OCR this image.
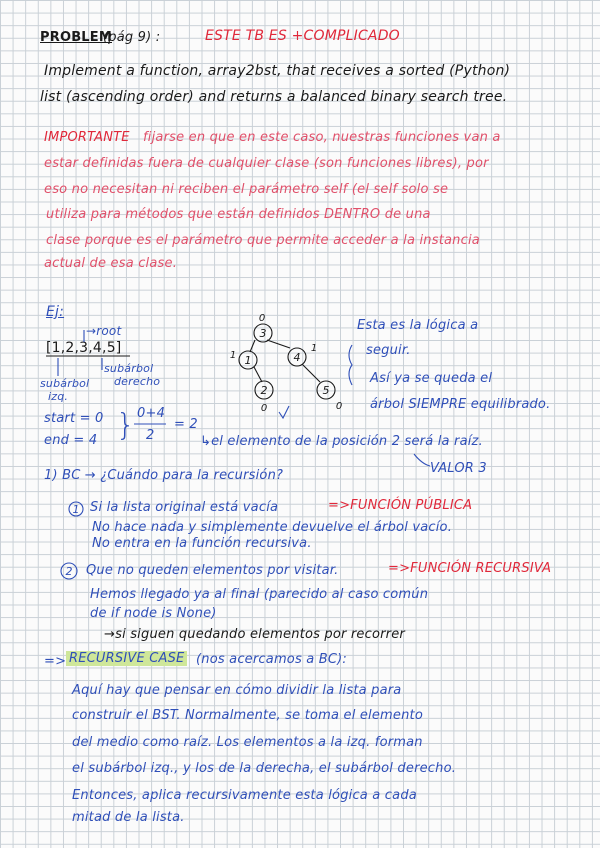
PROBLEM
(pág 9) :	ESTE TB ES +COMPLICADO
Implement a function, array2bst, that receives a sorted (Python)
list (ascending order) and returns a balanced binary search tree.
IMPORTANTE fijarse en que en este caso, nuestras funciones van a
estar definidas fuera de cualquier clase (son funciones libres), por
eso no necesitan ni reciben el parámetro self (el self solo se
utiliza para métodos que están definidos DENTRO de una
clase porque es el parámetro que permite acceder a la instancia
actual de esa clase.
Ej:
→root
[1,2,3,4,5]
subárbol
derecho
subárbol
izq.
start = 0
end = 4 } 0+4
2
= 2
↳el elemento de la posición 2 será la raíz.
VALOR 3
Esta es la lógica a
seguir.
Así ya se queda el
árbol SIEMPRE equilibrado.
3
1	4
2	5
0
1
1
0	0
1
2
1) BC → ¿Cuándo para la recursión?
Si la lista original está vacía	=>FUNCIÓN PÚBLICA
No hace nada y simplemente devuelve el árbol vacío.
No entra en la función recursiva.
Que no queden elementos por visitar.	=>FUNCIÓN RECURSIVA
Hemos llegado ya al final (parecido al caso común
de if node is None)
→si siguen quedando elementos por recorrer
=> RECURSIVE CASE (nos acercamos a BC):
Aquí hay que pensar en cómo dividir la lista para
construir el BST. Normalmente, se toma el elemento
del medio como raíz. Los elementos a la izq. forman
el subárbol izq., y los de la derecha, el subárbol derecho.
Entonces, aplica recursivamente esta lógica a cada
mitad de la lista.
